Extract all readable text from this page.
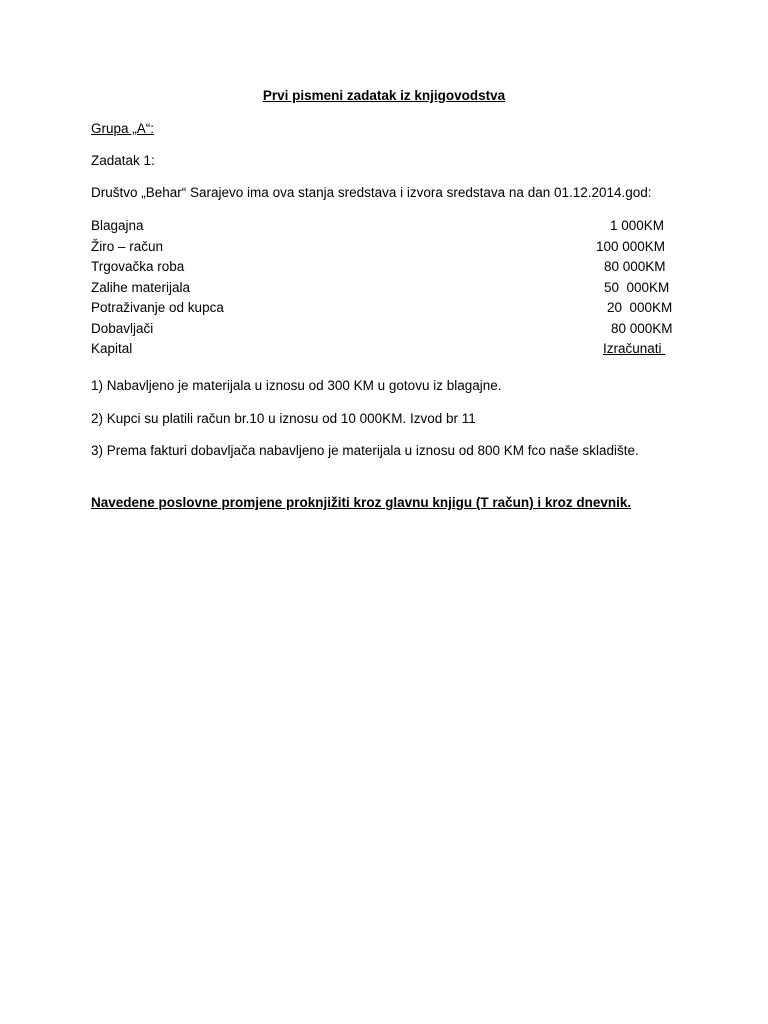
Prvi pismeni zadatak iz knjigovodstva
Grupa „A“:
Zadatak 1:
Društvo „Behar“ Sarajevo ima ova stanja sredstava i izvora sredstava na dan 01.12.2014.god:
Blagajna	1 000KM
Žiro – račun	100 000KM
Trgovačka roba	80 000KM
Zalihe materijala	50  000KM
Potraživanje od kupca	20  000KM
Dobavljači	80 000KM
Kapital	Izračunati
1) Nabavljeno je materijala u iznosu od 300 KM u gotovu iz blagajne.
2) Kupci su platili račun br.10 u iznosu od 10 000KM. Izvod br 11
3) Prema fakturi dobavljača nabavljeno je materijala u iznosu od 800 KM fco naše skladište.
Navedene poslovne promjene proknjižiti kroz glavnu knjigu (T račun) i kroz dnevnik.
